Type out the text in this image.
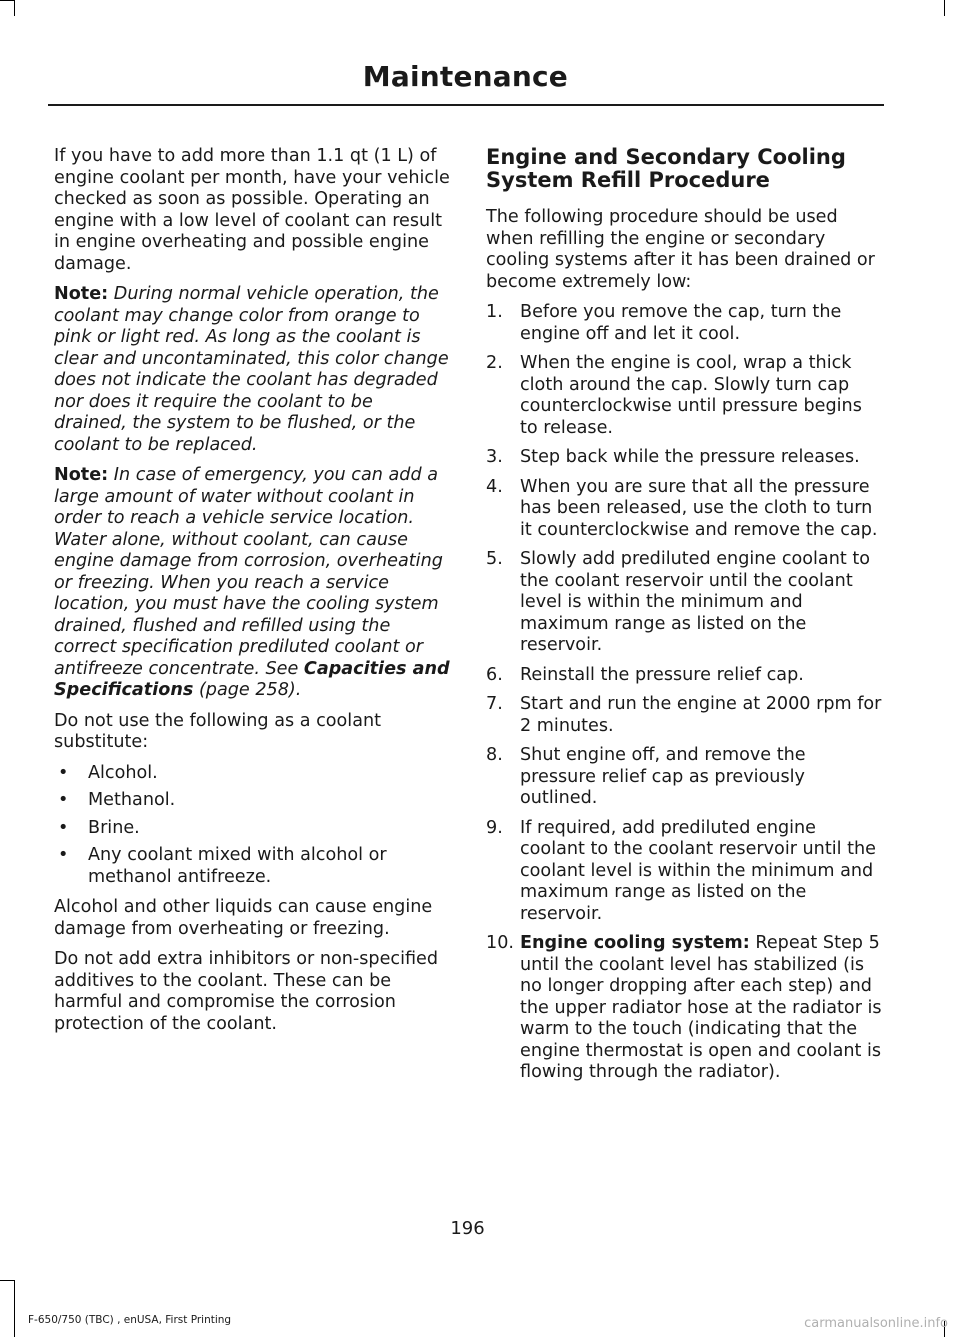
Maintenance

If you have to add more than 1.1 qt (1 L) of engine coolant per month, have your vehicle checked as soon as possible. Operating an engine with a low level of coolant can result in engine overheating and possible engine damage.

Note: During normal vehicle operation, the coolant may change color from orange to pink or light red. As long as the coolant is clear and uncontaminated, this color change does not indicate the coolant has degraded nor does it require the coolant to be drained, the system to be flushed, or the coolant to be replaced.

Note: In case of emergency, you can add a large amount of water without coolant in order to reach a vehicle service location. Water alone, without coolant, can cause engine damage from corrosion, overheating or freezing. When you reach a service location, you must have the cooling system drained, flushed and refilled using the correct specification prediluted coolant or antifreeze concentrate. See Capacities and Specifications (page 258).

Do not use the following as a coolant substitute:

• Alcohol.
• Methanol.
• Brine.
• Any coolant mixed with alcohol or methanol antifreeze.

Alcohol and other liquids can cause engine damage from overheating or freezing.

Do not add extra inhibitors or non-specified additives to the coolant. These can be harmful and compromise the corrosion protection of the coolant.

Engine and Secondary Cooling System Refill Procedure

The following procedure should be used when refilling the engine or secondary cooling systems after it has been drained or become extremely low:

1. Before you remove the cap, turn the engine off and let it cool.
2. When the engine is cool, wrap a thick cloth around the cap. Slowly turn cap counterclockwise until pressure begins to release.
3. Step back while the pressure releases.
4. When you are sure that all the pressure has been released, use the cloth to turn it counterclockwise and remove the cap.
5. Slowly add prediluted engine coolant to the coolant reservoir until the coolant level is within the minimum and maximum range as listed on the reservoir.
6. Reinstall the pressure relief cap.
7. Start and run the engine at 2000 rpm for 2 minutes.
8. Shut engine off, and remove the pressure relief cap as previously outlined.
9. If required, add prediluted engine coolant to the coolant reservoir until the coolant level is within the minimum and maximum range as listed on the reservoir.
10. Engine cooling system: Repeat Step 5 until the coolant level has stabilized (is no longer dropping after each step) and the upper radiator hose at the radiator is warm to the touch (indicating that the engine thermostat is open and coolant is flowing through the radiator).
196
F-650/750 (TBC) , enUSA, First Printing	carmanualsonline.info
